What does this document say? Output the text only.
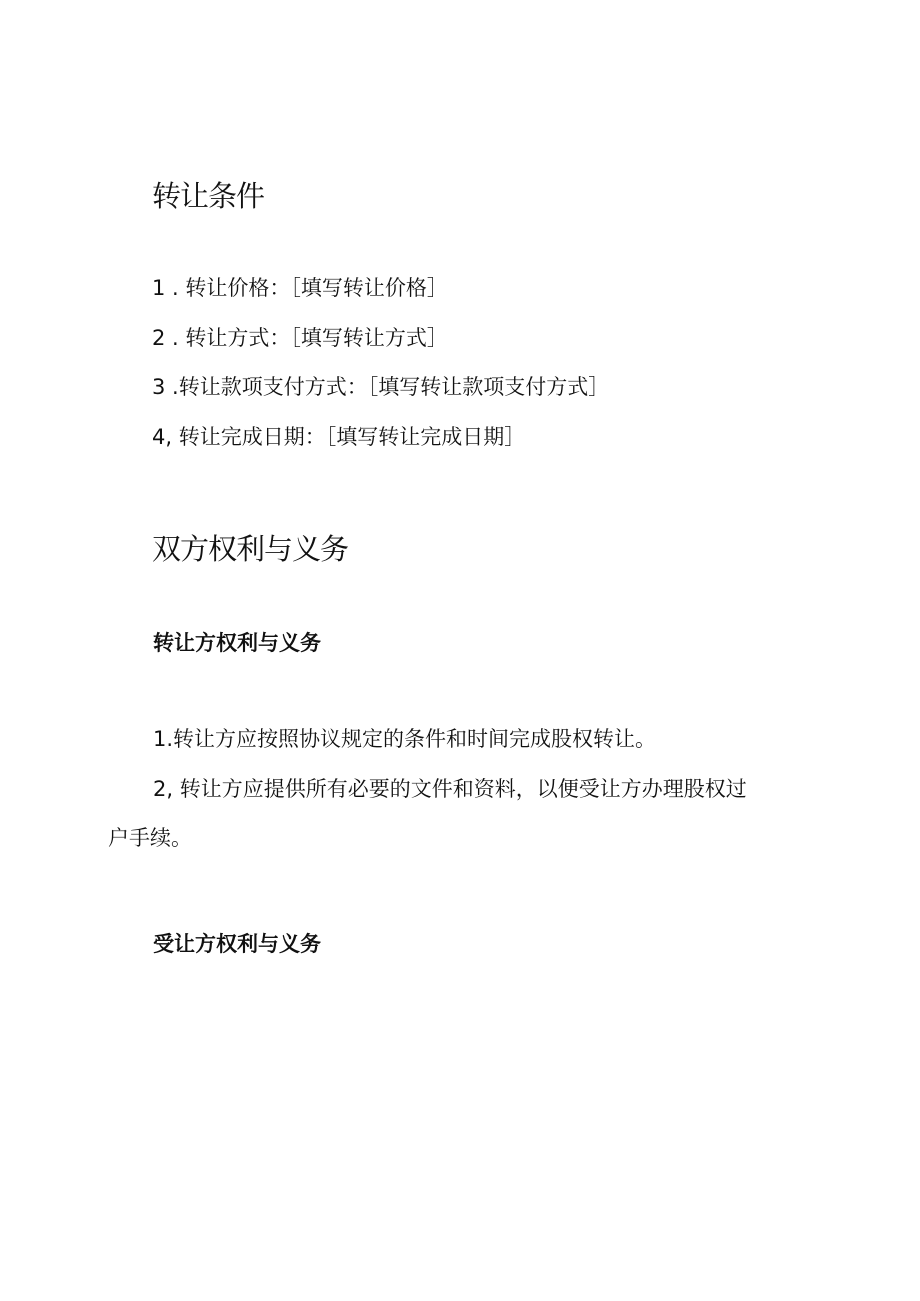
转让条件

1 . 转让价格：［填写转让价格］

2 . 转让方式：［填写转让方式］

3 .转让款项支付方式：［填写转让款项支付方式］

4, 转让完成日期：［填写转让完成日期］

双方权利与义务
转让方权利与义务

1.转让方应按照协议规定的条件和时间完成股权转让。

2, 转让方应提供所有必要的文件和资料，以便受让方办理股权过

户手续。

受让方权利与义务
